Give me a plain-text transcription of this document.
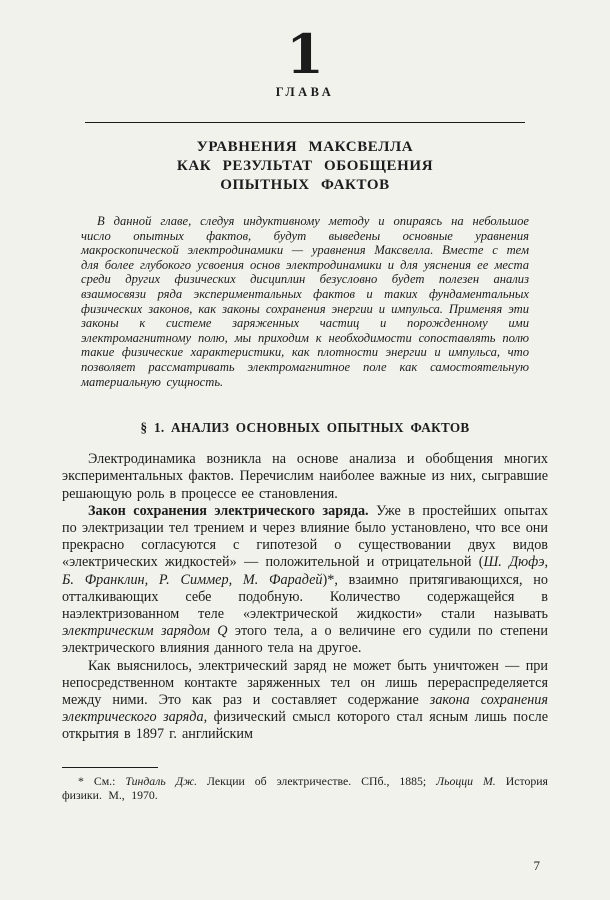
1
ГЛАВА
УРАВНЕНИЯ МАКСВЕЛЛА
КАК РЕЗУЛЬТАТ ОБОБЩЕНИЯ
ОПЫТНЫХ ФАКТОВ

В данной главе, следуя индуктивному методу и опираясь на небольшое число опытных фактов, будут выведены основные уравнения макроскопической электродинамики — уравнения Максвелла. Вместе с тем для более глубокого усвоения основ электродинамики и для уяснения ее места среди других физических дисциплин безусловно будет полезен анализ взаимосвязи ряда экспериментальных фактов и таких фундаментальных физических законов, как законы сохранения энергии и импульса. Применяя эти законы к системе заряженных частиц и порожденному ими электромагнитному полю, мы приходим к необходимости сопоставлять полю такие физические характеристики, как плотности энергии и импульса, что позволяет рассматривать электромагнитное поле как самостоятельную материальную сущность.

§ 1. АНАЛИЗ ОСНОВНЫХ ОПЫТНЫХ ФАКТОВ

Электродинамика возникла на основе анализа и обобщения многих экспериментальных фактов. Перечислим наиболее важные из них, сыгравшие решающую роль в процессе ее становления.

Закон сохранения электрического заряда. Уже в простейших опытах по электризации тел трением и через влияние было установлено, что все они прекрасно согласуются с гипотезой о существовании двух видов «электрических жидкостей» — положительной и отрицательной (Ш. Дюфэ, Б. Франклин, Р. Симмер, М. Фарадей)*, взаимно притягивающихся, но отталкивающих себе подобную. Количество содержащейся в наэлектризованном теле «электрической жидкости» стали называть электрическим зарядом Q этого тела, а о величине его судили по степени электрического влияния данного тела на другое.

Как выяснилось, электрический заряд не может быть уничтожен — при непосредственном контакте заряженных тел он лишь перераспределяется между ними. Это как раз и составляет содержание закона сохранения электрического заряда, физический смысл которого стал ясным лишь после открытия в 1897 г. английским

* См.: Тиндаль Дж. Лекции об электричестве. СПб., 1885; Льоцци М. История физики. М., 1970.

7
